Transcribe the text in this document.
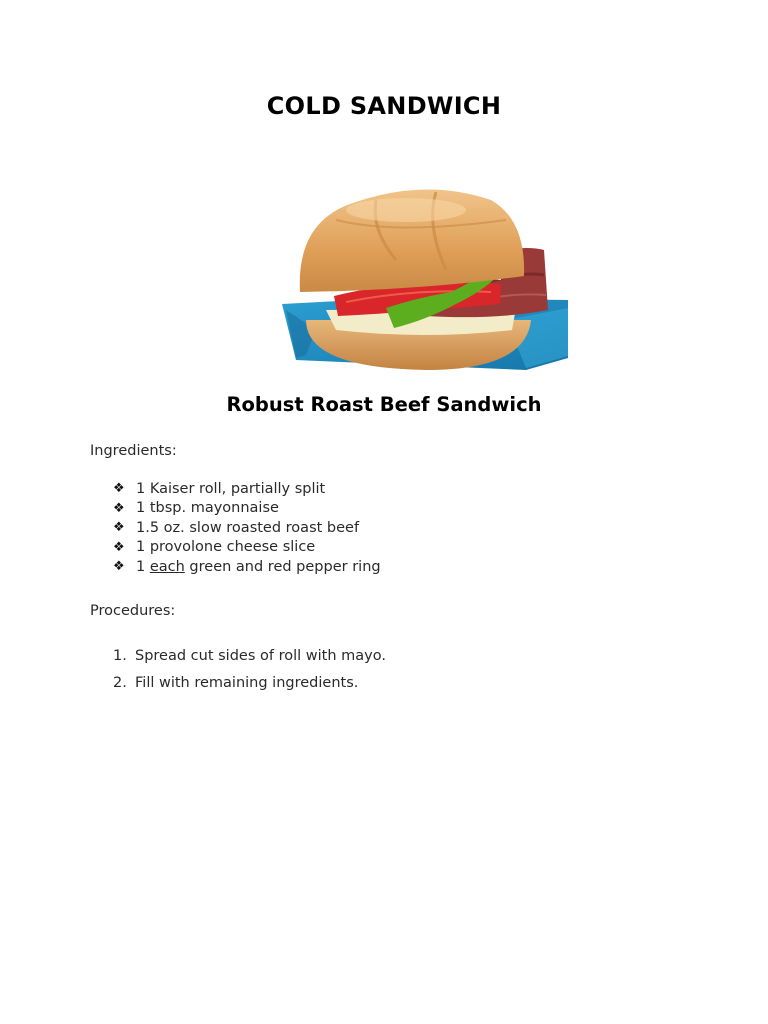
COLD SANDWICH
Robust Roast Beef Sandwich

Ingredients:

❖ 1 Kaiser roll, partially split
❖ 1 tbsp. mayonnaise
❖ 1.5 oz. slow roasted roast beef
❖ 1 provolone cheese slice
❖ 1 each green and red pepper ring

Procedures:

1. Spread cut sides of roll with mayo.
2. Fill with remaining ingredients.
